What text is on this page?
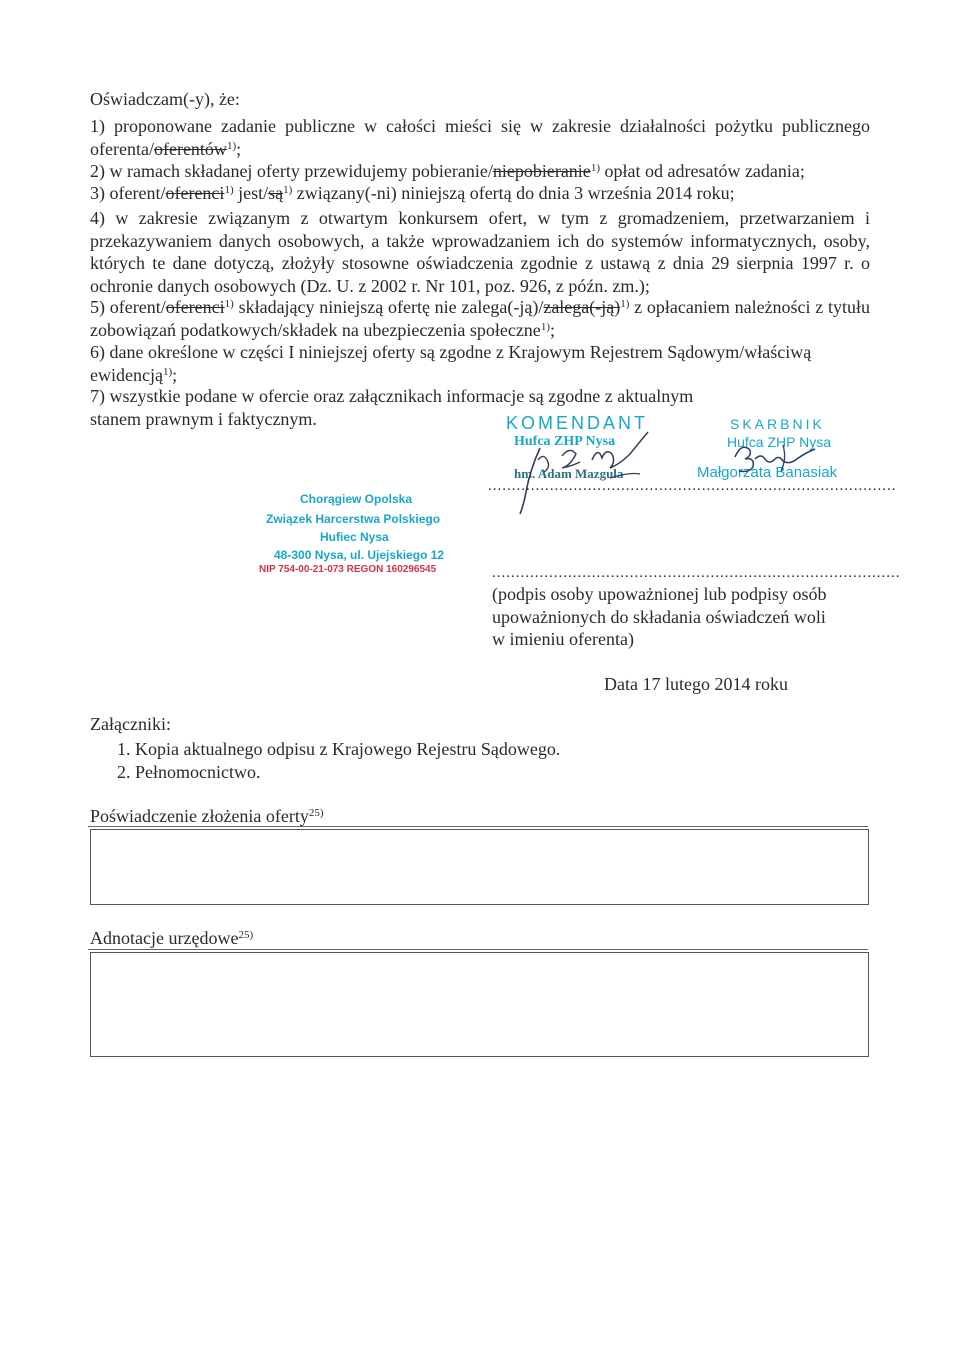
Oświadczam(-y), że:
1) proponowane zadanie publiczne w całości mieści się w zakresie działalności pożytku publicznego oferenta/oferentów$^{1)}$;
2) w ramach składanej oferty przewidujemy pobieranie/niepobieranie$^{1)}$ opłat od adresatów zadania;
3) oferent/oferenci$^{1)}$ jest/$są^{1)}$ związany(-ni) niniejszą ofertą do dnia 3 września 2014 roku;
4) w zakresie związanym z otwartym konkursem ofert, w tym z gromadzeniem, przetwarzaniem i przekazywaniem danych osobowych, a także wprowadzaniem ich do systemów informatycznych, osoby, których te dane dotyczą, złożyły stosowne oświadczenia zgodnie z ustawą z dnia 29 sierpnia 1997 r. o ochronie danych osobowych (Dz. U. z 2002 r. Nr 101, poz. 926, z późn. zm.);
5) oferent/oferenci$^{1)}$ składający niniejszą ofertę nie zalega(-ją)/zalega(-ją)$^{1)}$ z opłacaniem należności z tytułu zobowiązań podatkowych/składek na ubezpieczenia społeczne$^{1)}$;
6) dane określone w części I niniejszej oferty są zgodne z Krajowym Rejestrem Sądowym/właściwą ewidencją$^{1)}$;
7) wszystkie podane w ofercie oraz załącznikach informacje są zgodne z aktualnym stanem prawnym i faktycznym.	KOMENDANT
Hufca ZHP Nysa
hm. Adam Mazgula
SKARBNIK
Hufca ZHP Nysa
Małgorzata Banasiak
......................................................................................
Chorągiew Opolska
Związek Harcerstwa Polskiego
Hufiec Nysa
48-300 Nysa, ul. Ujejskiego 12
NIP 754-00-21-073 REGON 160296545	......................................................................................
(podpis osoby upoważnionej lub podpisy osób
upoważnionych do składania oświadczeń woli
w imieniu oferenta)
Data 17 lutego 2014 roku
Załączniki:
1. Kopia aktualnego odpisu z Krajowego Rejestru Sądowego.
2. Pełnomocnictwo.
Poświadczenie złożenia oferty$^{25)}$
Adnotacje urzędowe$^{25)}$
